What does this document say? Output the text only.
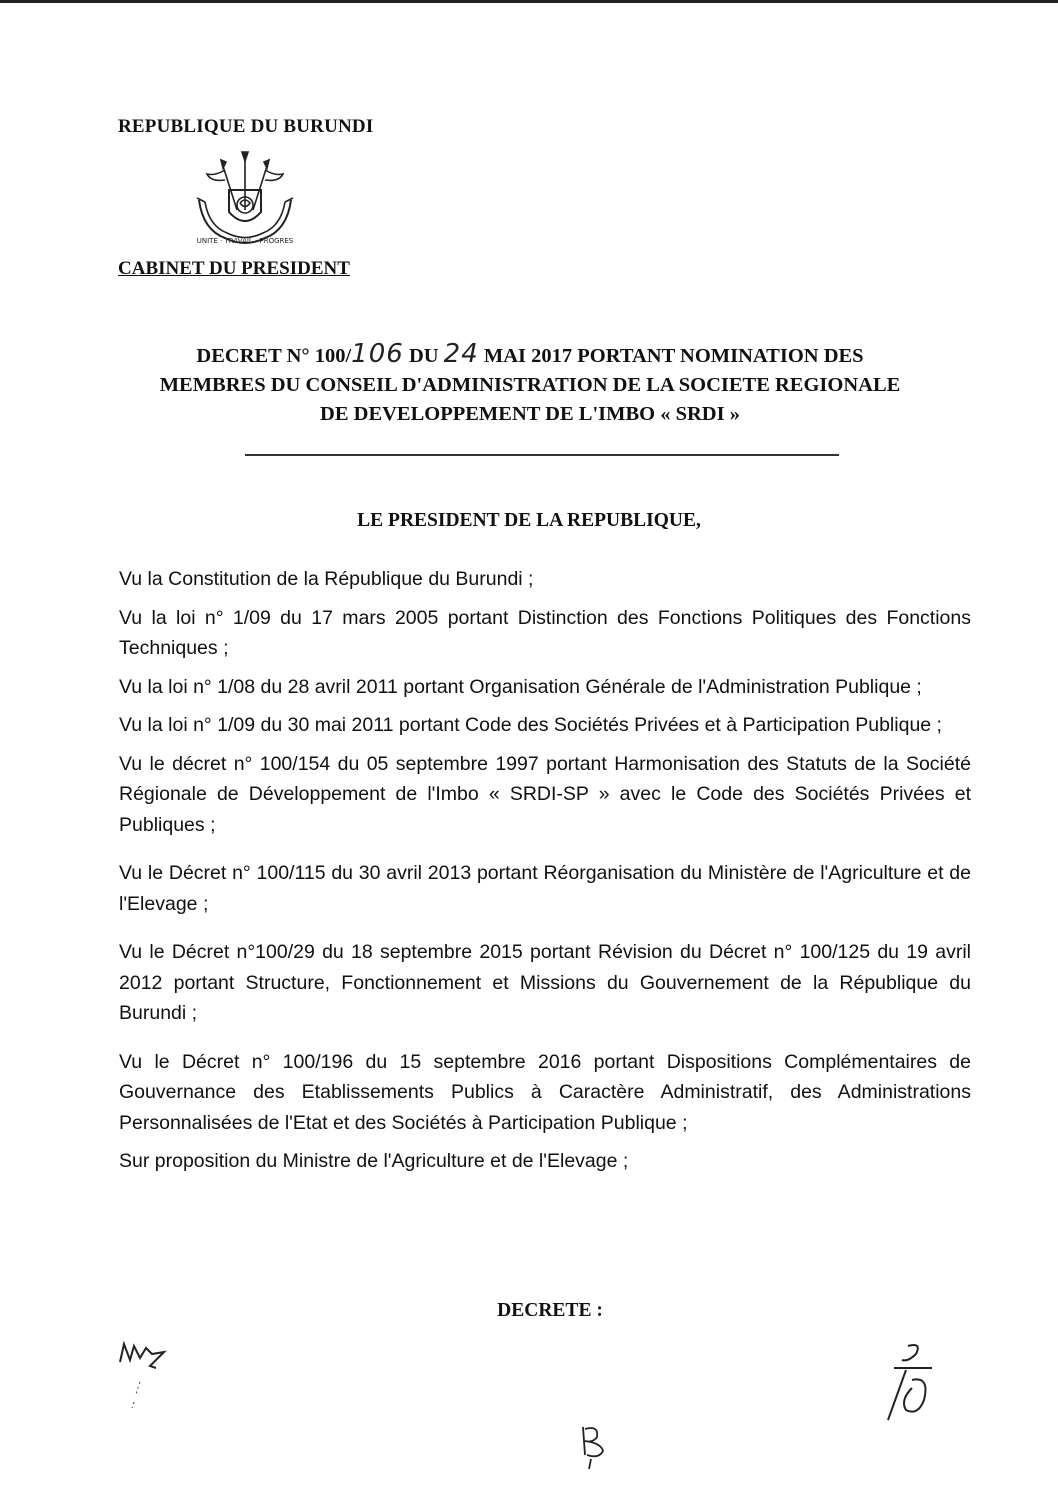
REPUBLIQUE DU BURUNDI
UNITE · TRAVAIL · PROGRES
CABINET DU PRESIDENT
DECRET N° 100/106 DU 24 MAI 2017 PORTANT NOMINATION DES
MEMBRES DU CONSEIL D'ADMINISTRATION DE LA SOCIETE REGIONALE
DE DEVELOPPEMENT DE L'IMBO « SRDI »
LE PRESIDENT DE LA REPUBLIQUE,

Vu la Constitution de la République du Burundi ;

Vu la loi n° 1/09 du 17 mars 2005 portant Distinction des Fonctions Politiques des Fonctions Techniques ;

Vu la loi n° 1/08 du 28 avril 2011 portant Organisation Générale de l'Administration Publique ;

Vu la loi n° 1/09 du 30 mai 2011 portant Code des Sociétés Privées et à Participation Publique ;

Vu le décret n° 100/154 du 05 septembre 1997 portant Harmonisation des Statuts de la Société Régionale de Développement de l'Imbo « SRDI-SP » avec le Code des Sociétés Privées et Publiques ;

Vu le Décret n° 100/115 du 30 avril 2013 portant Réorganisation du Ministère de l'Agriculture et de l'Elevage ;

Vu le Décret n°100/29 du 18 septembre 2015 portant Révision du Décret n° 100/125 du 19 avril 2012 portant Structure, Fonctionnement et Missions du Gouvernement de la République du Burundi ;

Vu le Décret n° 100/196 du 15 septembre 2016 portant Dispositions Complémentaires de Gouvernance des Etablissements Publics à Caractère Administratif, des Administrations Personnalisées de l'Etat et des Sociétés à Participation Publique ;

Sur proposition du Ministre de l'Agriculture et de l'Elevage ;

DECRETE :
